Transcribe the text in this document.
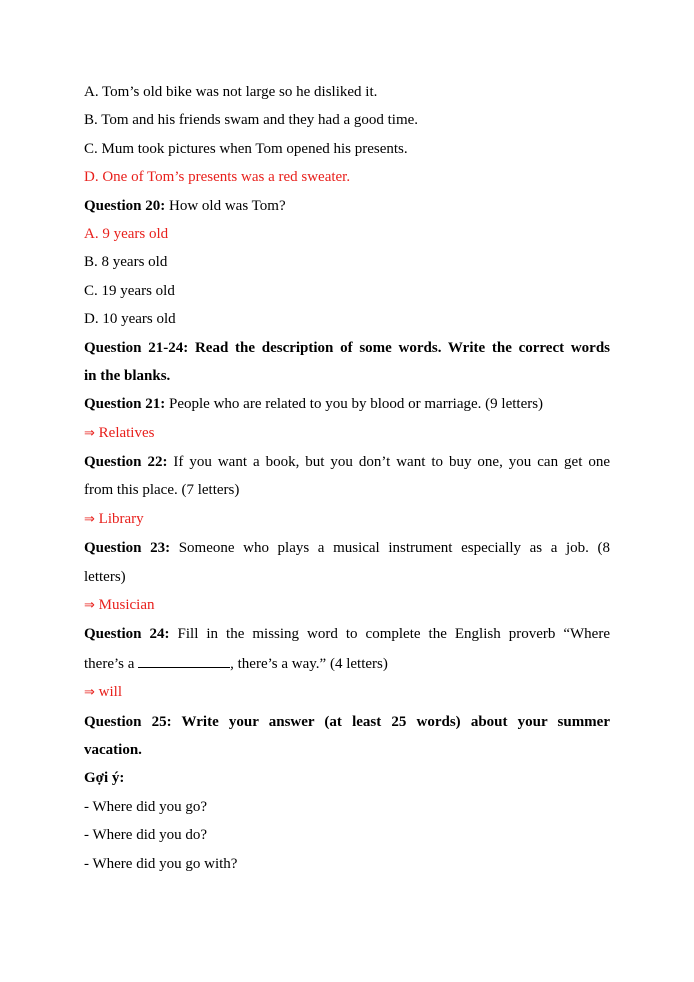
A. Tom’s old bike was not large so he disliked it.

B. Tom and his friends swam and they had a good time.

C. Mum took pictures when Tom opened his presents.

D. One of Tom’s presents was a red sweater.

Question 20: How old was Tom?

A. 9 years old

B. 8 years old

C. 19 years old

D. 10 years old

Question 21-24: Read the description of some words. Write the correct words

in the blanks.

Question 21: People who are related to you by blood or marriage. (9 letters)

⇒ Relatives

Question 22: If you want a book, but you don’t want to buy one, you can get one

from this place. (7 letters)

⇒ Library

Question 23: Someone who plays a musical instrument especially as a job. (8

letters)

⇒ Musician

Question 24: Fill in the missing word to complete the English proverb “Where

there’s a	, there’s a way.” (4 letters)

⇒ will

Question 25: Write your answer (at least 25 words) about your summer

vacation.

Gợi ý:

- Where did you go?

- Where did you do?

- Where did you go with?
